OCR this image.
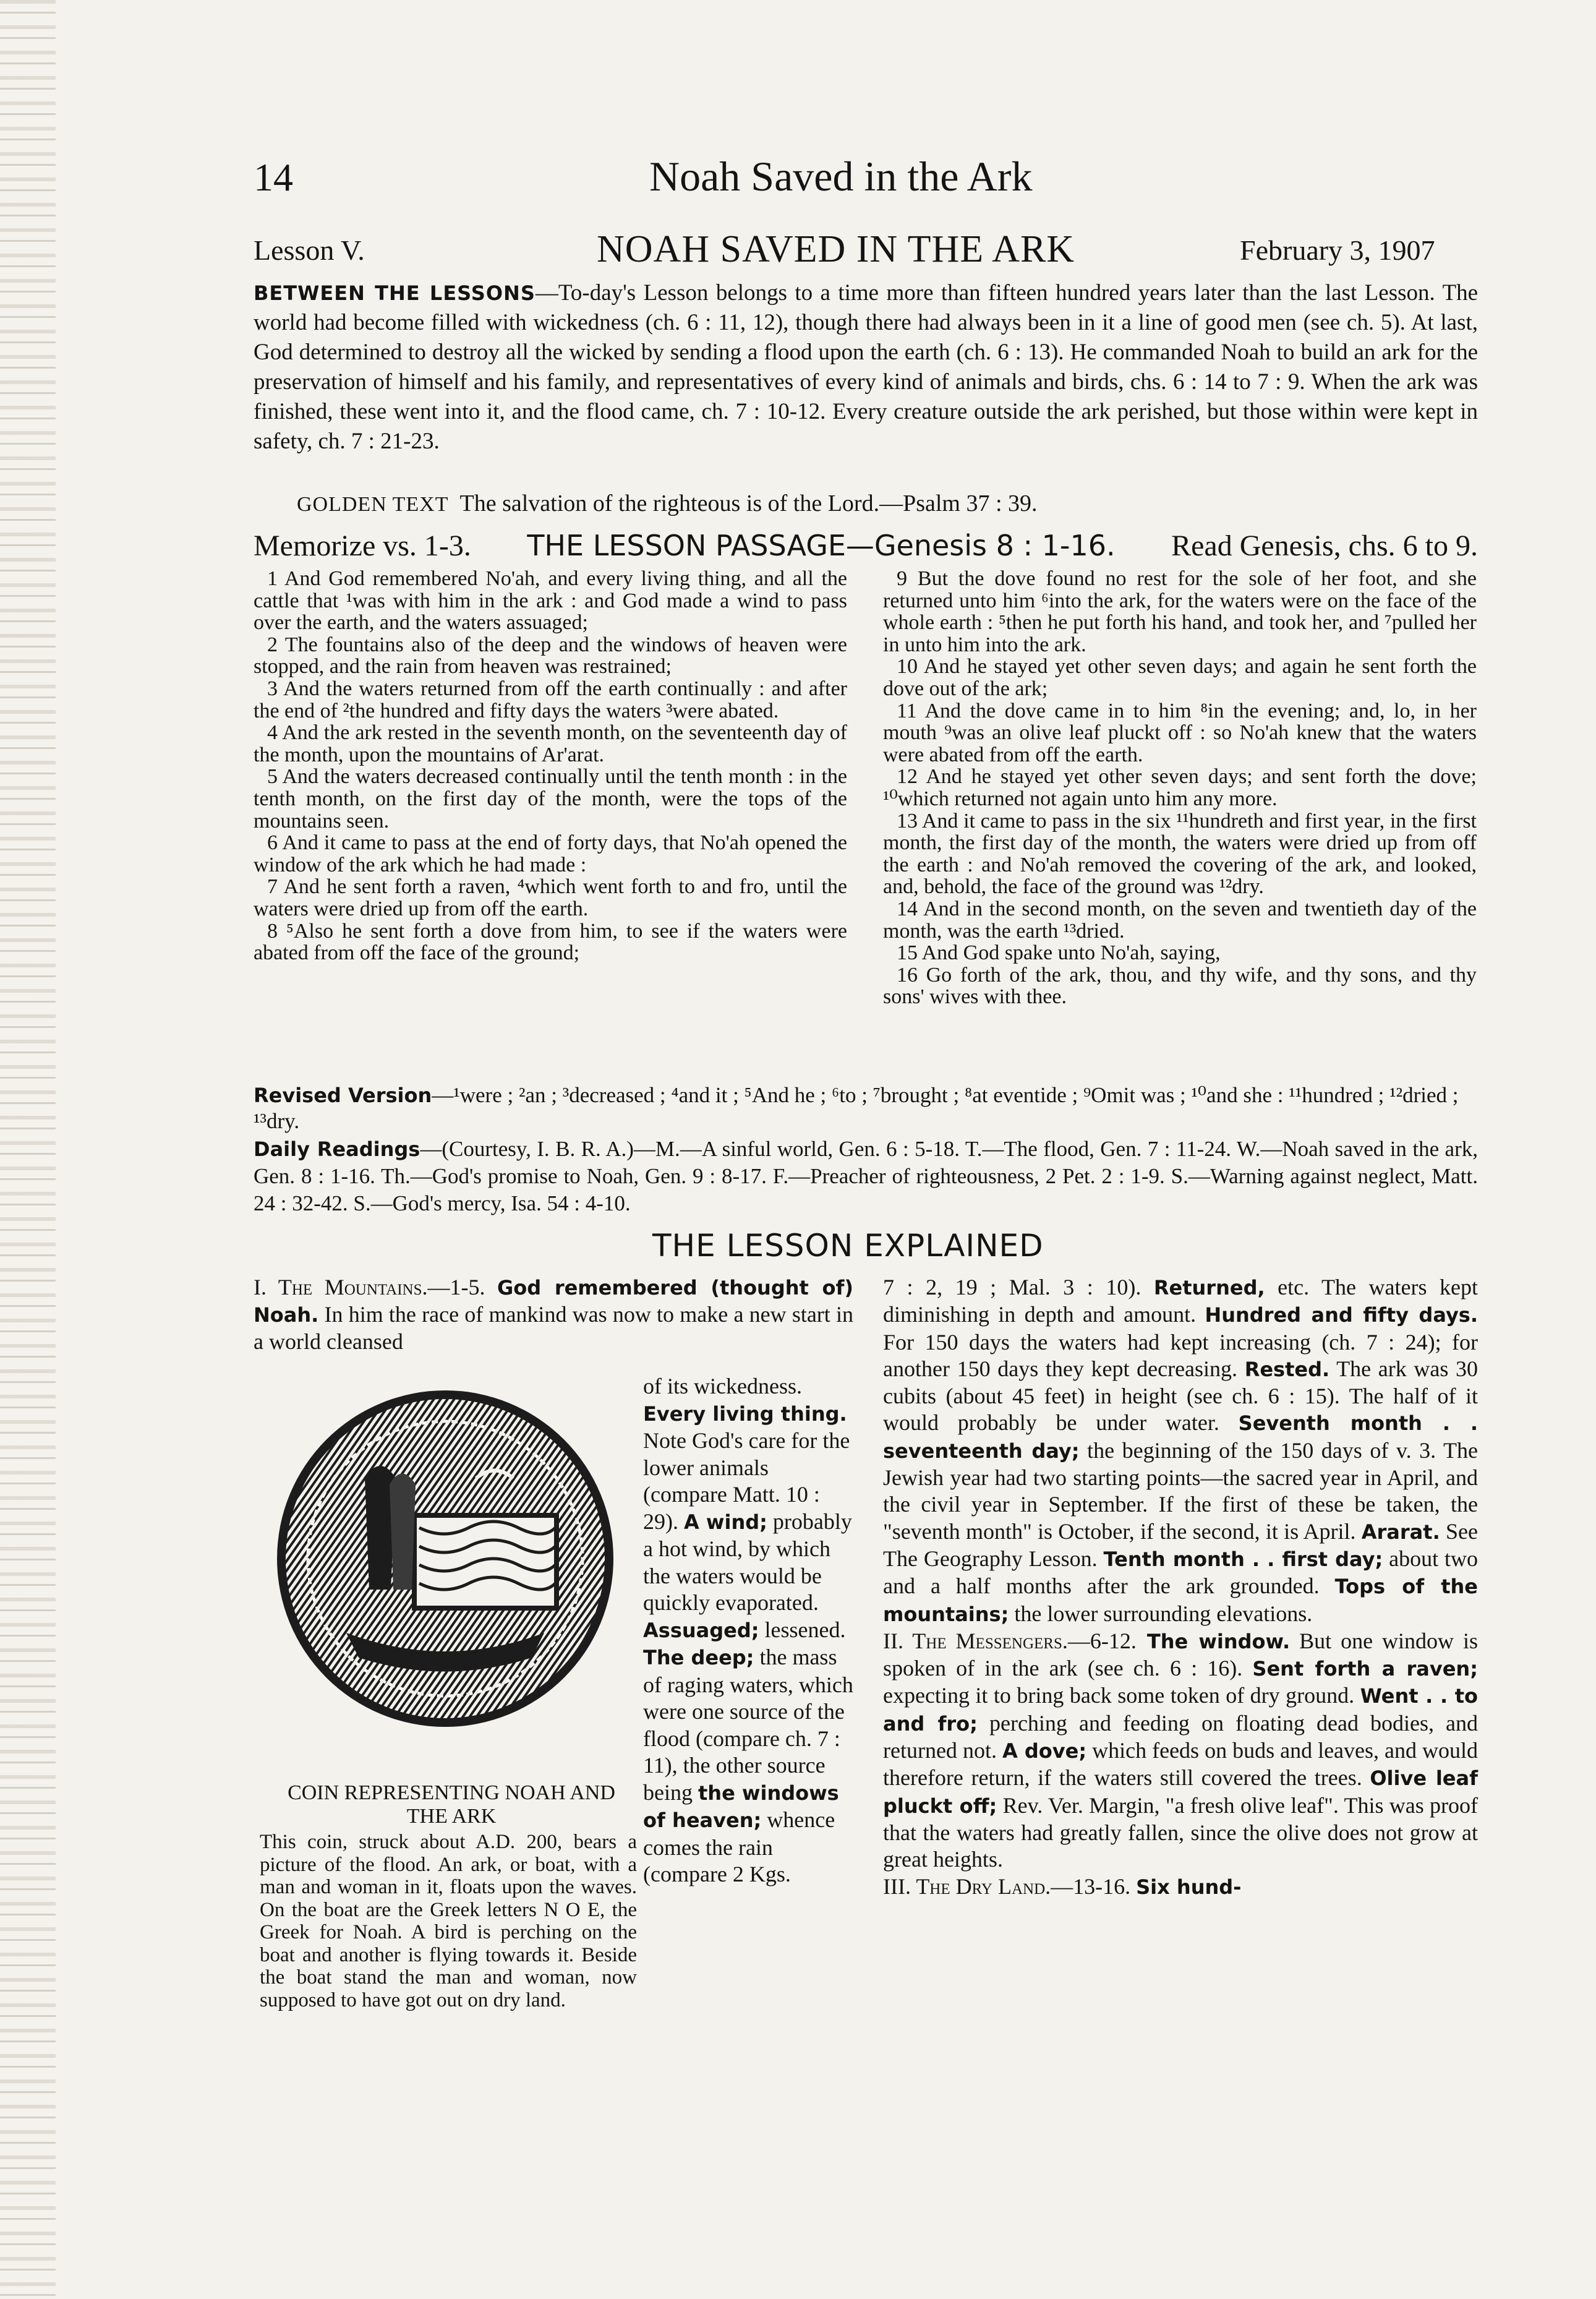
14	Noah Saved in the Ark
Lesson V.	NOAH SAVED IN THE ARK	February 3, 1907
BETWEEN THE LESSONS—To-day's Lesson belongs to a time more than fifteen hundred years later than the last Lesson. The world had become filled with wickedness (ch. 6 : 11, 12), though there had always been in it a line of good men (see ch. 5). At last, God determined to destroy all the wicked by sending a flood upon the earth (ch. 6 : 13). He commanded Noah to build an ark for the preservation of himself and his family, and representatives of every kind of animals and birds, chs. 6 : 14 to 7 : 9. When the ark was finished, these went into it, and the flood came, ch. 7 : 10-12. Every creature outside the ark perished, but those within were kept in safety, ch. 7 : 21-23.
GOLDEN TEXT The salvation of the righteous is of the Lord.—Psalm 37 : 39.
Memorize vs. 1-3. THE LESSON PASSAGE—Genesis 8 : 1-16. Read Genesis, chs. 6 to 9.

1 And God remembered No'ah, and every living thing, and all the cattle that ¹was with him in the ark : and God made a wind to pass over the earth, and the waters assuaged;

2 The fountains also of the deep and the windows of heaven were stopped, and the rain from heaven was restrained;

3 And the waters returned from off the earth continually : and after the end of ²the hundred and fifty days the waters ³were abated.

4 And the ark rested in the seventh month, on the seventeenth day of the month, upon the mountains of Ar'arat.

5 And the waters decreased continually until the tenth month : in the tenth month, on the first day of the month, were the tops of the mountains seen.

6 And it came to pass at the end of forty days, that No'ah opened the window of the ark which he had made :

7 And he sent forth a raven, ⁴which went forth to and fro, until the waters were dried up from off the earth.

8 ⁵Also he sent forth a dove from him, to see if the waters were abated from off the face of the ground;

9 But the dove found no rest for the sole of her foot, and she returned unto him ⁶into the ark, for the waters were on the face of the whole earth : ⁵then he put forth his hand, and took her, and ⁷pulled her in unto him into the ark.

10 And he stayed yet other seven days; and again he sent forth the dove out of the ark;

11 And the dove came in to him ⁸in the evening; and, lo, in her mouth ⁹was an olive leaf pluckt off : so No'ah knew that the waters were abated from off the earth.

12 And he stayed yet other seven days; and sent forth the dove; ¹⁰which returned not again unto him any more.

13 And it came to pass in the six ¹¹hundreth and first year, in the first month, the first day of the month, the waters were dried up from off the earth : and No'ah removed the covering of the ark, and looked, and, behold, the face of the ground was ¹²dry.

14 And in the second month, on the seven and twentieth day of the month, was the earth ¹³dried.

15 And God spake unto No'ah, saying,

16 Go forth of the ark, thou, and thy wife, and thy sons, and thy sons' wives with thee.

Revised Version—¹were ; ²an ; ³decreased ; ⁴and it ; ⁵And he ; ⁶to ; ⁷brought ; ⁸at eventide ; ⁹Omit was ; ¹⁰and she : ¹¹hundred ; ¹²dried ; ¹³dry.
Daily Readings—(Courtesy, I. B. R. A.)—M.—A sinful world, Gen. 6 : 5-18. T.—The flood, Gen. 7 : 11-24. W.—Noah saved in the ark, Gen. 8 : 1-16. Th.—God's promise to Noah, Gen. 9 : 8-17. F.—Preacher of righteousness, 2 Pet. 2 : 1-9. S.—Warning against neglect, Matt. 24 : 32-42. S.—God's mercy, Isa. 54 : 4-10.
THE LESSON EXPLAINED
I. The Mountains.—1-5. God remembered (thought of) Noah. In him the race of mankind was now to make a new start in a world cleansed
of its wickedness. Every living thing. Note God's care for the lower animals (compare Matt. 10 : 29). A wind; probably a hot wind, by which the waters would be quickly evaporated. Assuaged; lessened. The deep; the mass of raging waters, which were one source of the flood (compare ch. 7 : 11), the other source being the windows of heaven; whence comes the rain (compare 2 Kgs.
COIN REPRESENTING NOAH AND THE ARK
This coin, struck about A.D. 200, bears a picture of the flood. An ark, or boat, with a man and woman in it, floats upon the waves. On the boat are the Greek letters N O E, the Greek for Noah. A bird is perching on the boat and another is flying towards it. Beside the boat stand the man and woman, now supposed to have got out on dry land.
7 : 2, 19 ; Mal. 3 : 10). Returned, etc. The waters kept diminishing in depth and amount. Hundred and fifty days. For 150 days the waters had kept increasing (ch. 7 : 24); for another 150 days they kept decreasing. Rested. The ark was 30 cubits (about 45 feet) in height (see ch. 6 : 15). The half of it would probably be under water. Seventh month . . seventeenth day; the beginning of the 150 days of v. 3. The Jewish year had two starting points—the sacred year in April, and the civil year in September. If the first of these be taken, the "seventh month" is October, if the second, it is April. Ararat. See The Geography Lesson. Tenth month . . first day; about two and a half months after the ark grounded. Tops of the mountains; the lower surrounding elevations.
II. The Messengers.—6-12. The window. But one window is spoken of in the ark (see ch. 6 : 16). Sent forth a raven; expecting it to bring back some token of dry ground. Went . . to and fro; perching and feeding on floating dead bodies, and returned not. A dove; which feeds on buds and leaves, and would therefore return, if the waters still covered the trees. Olive leaf pluckt off; Rev. Ver. Margin, "a fresh olive leaf". This was proof that the waters had greatly fallen, since the olive does not grow at great heights.
III. The Dry Land.—13-16. Six hund-
